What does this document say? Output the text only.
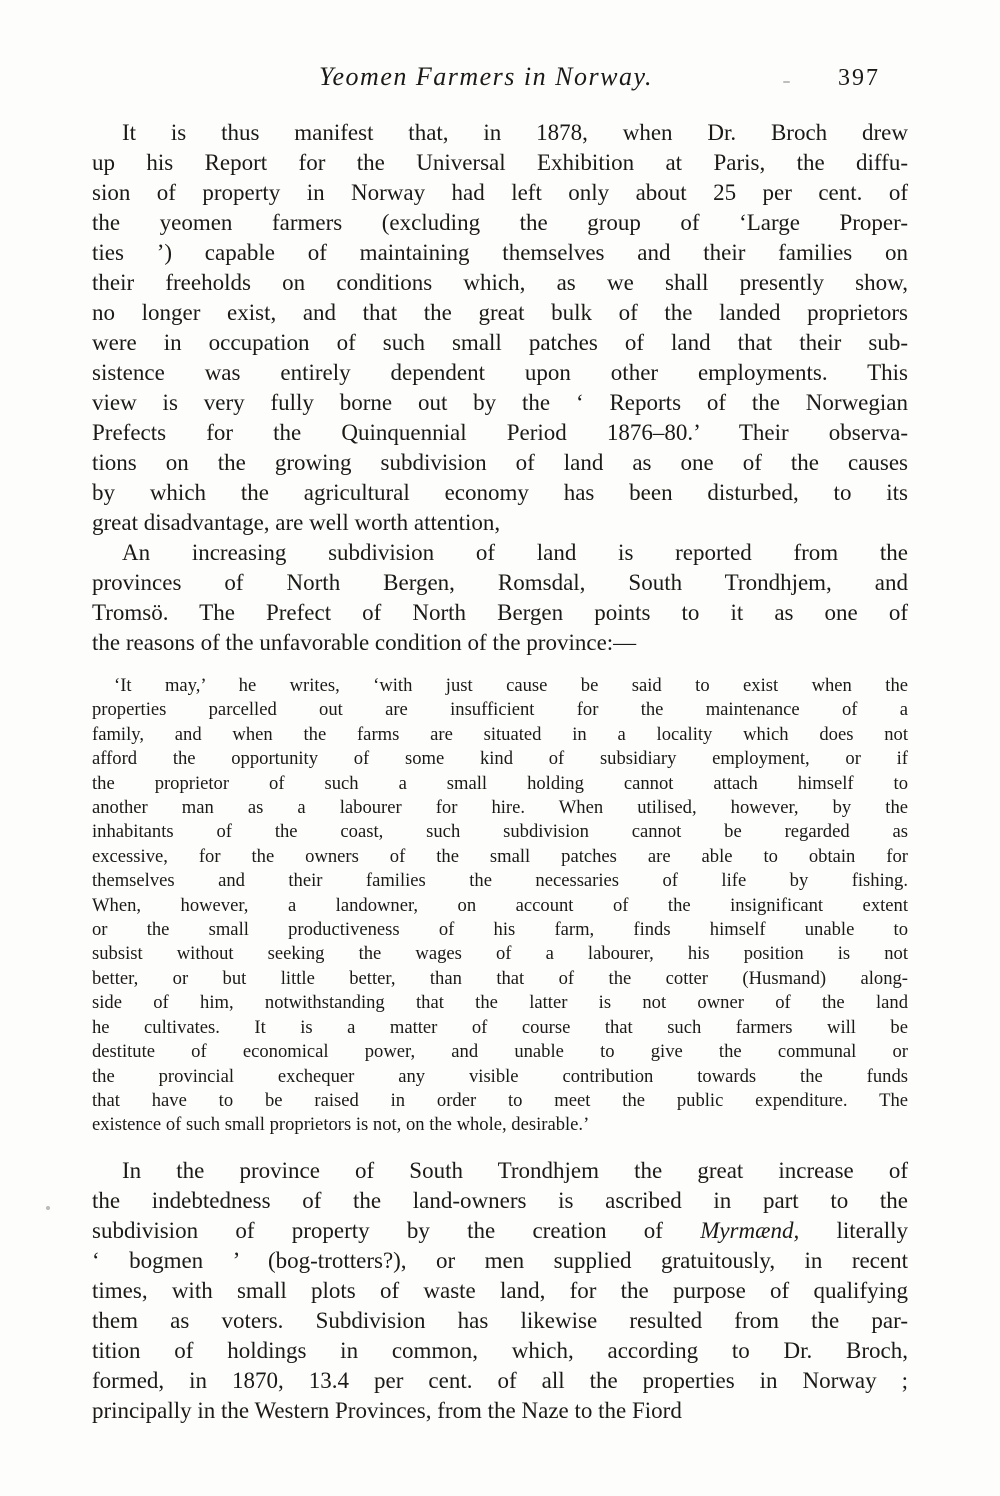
Yeomen Farmers in Norway.	397
It is thus manifest that, in 1878, when Dr. Broch drew
up his Report for the Universal Exhibition at Paris, the diffu-
sion of property in Norway had left only about 25 per cent. of
the yeomen farmers (excluding the group of ‘Large Proper-
ties ’) capable of maintaining themselves and their families on
their freeholds on conditions which, as we shall presently show,
no longer exist, and that the great bulk of the landed proprietors
were in occupation of such small patches of land that their sub-
sistence was entirely dependent upon other employments. This
view is very fully borne out by the ‘ Reports of the Norwegian
Prefects for the Quinquennial Period 1876–80.’ Their observa-
tions on the growing subdivision of land as one of the causes
by which the agricultural economy has been disturbed, to its
great disadvantage, are well worth attention,
An increasing subdivision of land is reported from the
provinces of North Bergen, Romsdal, South Trondhjem, and
Tromsö. The Prefect of North Bergen points to it as one of
the reasons of the unfavorable condition of the province:—
‘It may,’ he writes, ‘with just cause be said to exist when the
properties parcelled out are insufficient for the maintenance of a
family, and when the farms are situated in a locality which does not
afford the opportunity of some kind of subsidiary employment, or if
the proprietor of such a small holding cannot attach himself to
another man as a labourer for hire. When utilised, however, by the
inhabitants of the coast, such subdivision cannot be regarded as
excessive, for the owners of the small patches are able to obtain for
themselves and their families the necessaries of life by fishing.
When, however, a landowner, on account of the insignificant extent
or the small productiveness of his farm, finds himself unable to
subsist without seeking the wages of a labourer, his position is not
better, or but little better, than that of the cotter (Husmand) along-
side of him, notwithstanding that the latter is not owner of the land
he cultivates. It is a matter of course that such farmers will be
destitute of economical power, and unable to give the communal or
the provincial exchequer any visible contribution towards the funds
that have to be raised in order to meet the public expenditure. The
existence of such small proprietors is not, on the whole, desirable.’
In the province of South Trondhjem the great increase of
the indebtedness of the land-owners is ascribed in part to the
subdivision of property by the creation of Myrmænd, literally
‘ bogmen ’ (bog-trotters?), or men supplied gratuitously, in recent
times, with small plots of waste land, for the purpose of qualifying
them as voters. Subdivision has likewise resulted from the par-
tition of holdings in common, which, according to Dr. Broch,
formed, in 1870, 13.4 per cent. of all the properties in Norway ;
principally in the Western Provinces, from the Naze to the Fiord
